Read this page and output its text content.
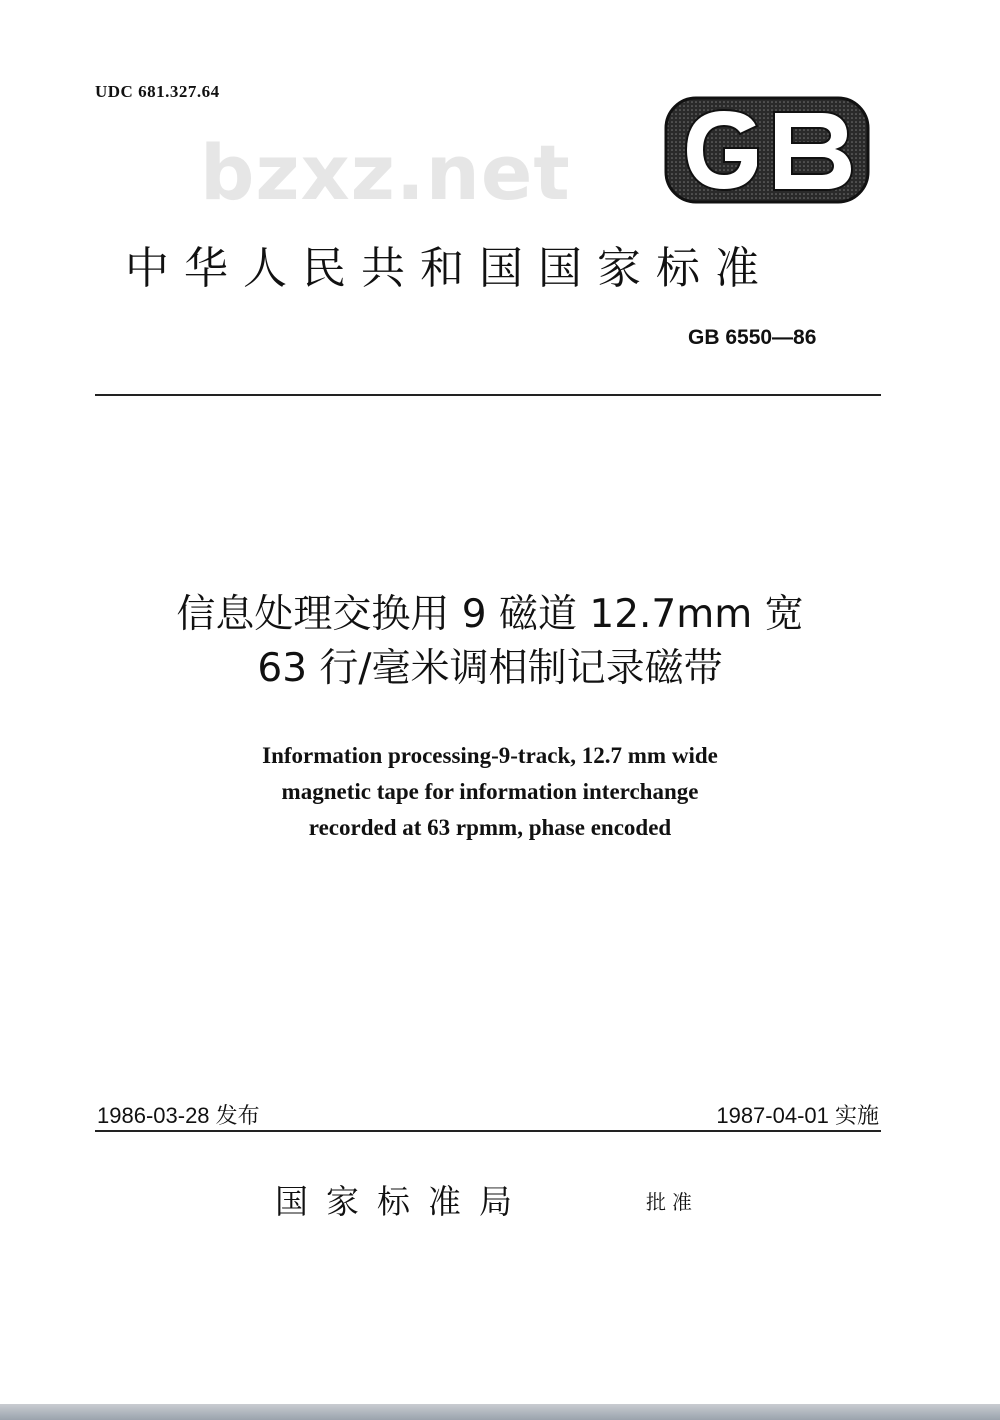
UDC 681.327.64
bzxz.net
中华人民共和国国家标准
GB 6550—86
信息处理交换用 9 磁道 12.7mm 宽
63 行/毫米调相制记录磁带
Information processing-9-track, 12.7 mm wide
magnetic tape for information interchange
recorded at 63 rpmm, phase encoded
1986-03-28 发布	1987-04-01 实施
国家标准局	批准
